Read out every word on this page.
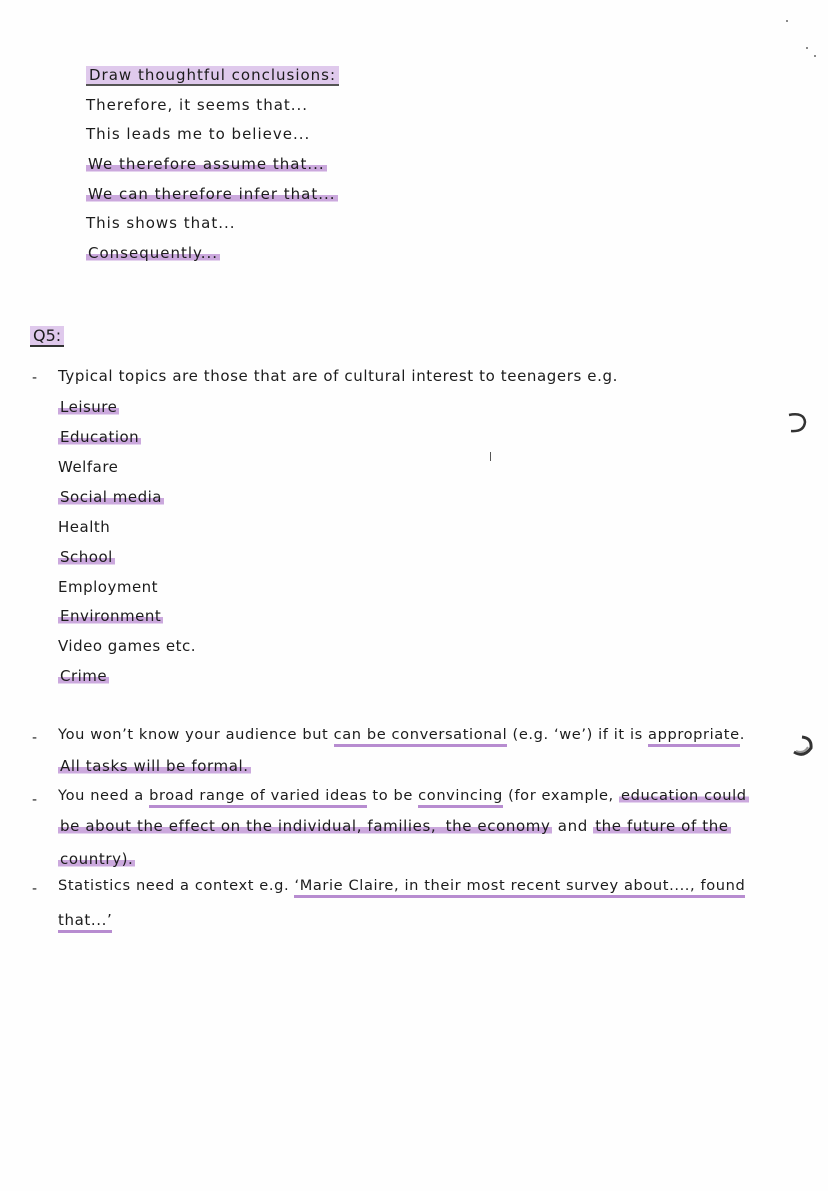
Draw thoughtful conclusions:
Therefore, it seems that...
This leads me to believe...
We therefore assume that...
We can therefore infer that...
This shows that...
Consequently...
Q5:
- Typical topics are those that are of cultural interest to teenagers e.g.
Leisure
Education
Welfare
Social media
Health
School
Employment
Environment
Video games etc.
Crime
- You won’t know your audience but can be conversational (e.g. ‘we’) if it is appropriate.
All tasks will be formal.
- You need a broad range of varied ideas to be convincing (for example, education could
be about the effect on the individual, families, the economy and the future of the
country).
- Statistics need a context e.g. ‘Marie Claire, in their most recent survey about...., found
that...’
